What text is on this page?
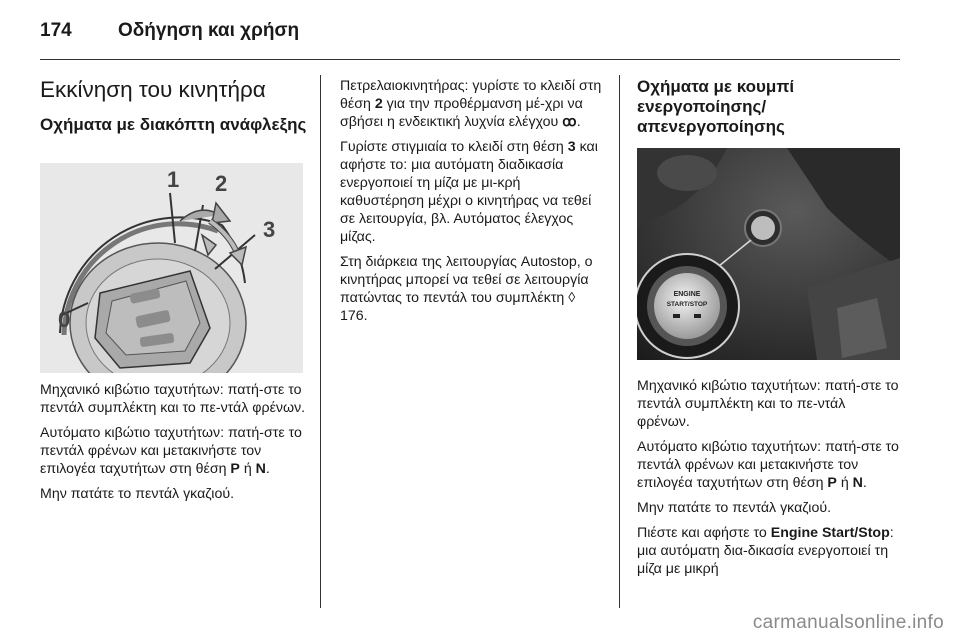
174 Οδήγηση και χρήση
Εκκίνηση του κινητήρα
Οχήματα με διακόπτη ανάφλεξης
1 2
3
0

Μηχανικό κιβώτιο ταχυτήτων: πατή-στε το πεντάλ συμπλέκτη και το πε-ντάλ φρένων.

Αυτόματο κιβώτιο ταχυτήτων: πατή-στε το πεντάλ φρένων και μετακινήστε τον επιλογέα ταχυτήτων στη θέση P ή N.

Μην πατάτε το πεντάλ γκαζιού.

Πετρελαιοκινητήρας: γυρίστε το κλειδί στη θέση 2 για την προθέρμανση μέ-χρι να σβήσει η ενδεικτική λυχνία ελέγχου ꝏ.

Γυρίστε στιγμιαία το κλειδί στη θέση 3 και αφήστε το: μια αυτόματη διαδικασία ενεργοποιεί τη μίζα με μι-κρή καθυστέρηση μέχρι ο κινητήρας να τεθεί σε λειτουργία, βλ. Αυτόματος έλεγχος μίζας.

Στη διάρκεια της λειτουργίας Autostop, ο κινητήρας μπορεί να τεθεί σε λειτουργία πατώντας το πεντάλ του συμπλέκτη ◊ 176.

Οχήματα με κουμπί ενεργοποίησης/απενεργοποίησης
ENGINE
START/STOP

Μηχανικό κιβώτιο ταχυτήτων: πατή-στε το πεντάλ συμπλέκτη και το πε-ντάλ φρένων.

Αυτόματο κιβώτιο ταχυτήτων: πατή-στε το πεντάλ φρένων και μετακινήστε τον επιλογέα ταχυτήτων στη θέση P ή N.

Μην πατάτε το πεντάλ γκαζιού.

Πιέστε και αφήστε το Engine Start/Stop: μια αυτόματη δια-δικασία ενεργοποιεί τη μίζα με μικρή

carmanualsonline.info
